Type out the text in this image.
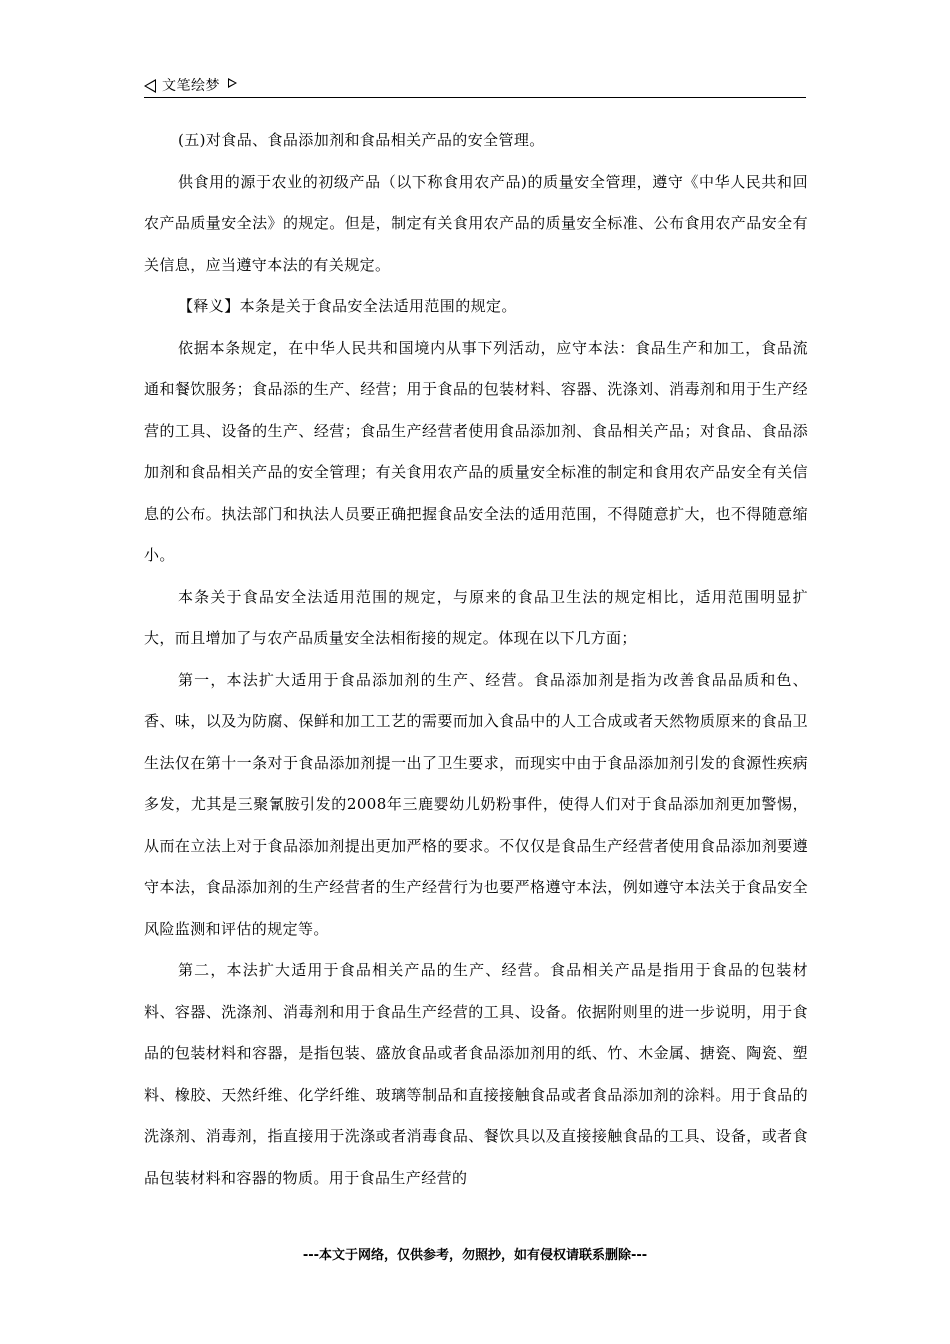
文笔绘梦

(五)对食品、食品添加剂和食品相关产品的安全管理。

供食用的源于农业的初级产品（以下称食用农产品)的质量安全管理，遵守《中华人民共和回农产品质量安全法》的规定。但是，制定有关食用农产品的质量安全标准、公布食用农产品安全有关信息，应当遵守本法的有关规定。

【释义】本条是关于食品安全法适用范围的规定。

依据本条规定，在中华人民共和国境内从事下列活动，应守本法：食品生产和加工，食品流通和餐饮服务；食品添的生产、经营；用于食品的包装材料、容器、洗涤刘、消毒剂和用于生产经营的工具、设备的生产、经营；食品生产经营者使用食品添加剂、食品相关产品；对食品、食品添加剂和食品相关产品的安全管理；有关食用农产品的质量安全标准的制定和食用农产品安全有关信息的公布。执法部门和执法人员要正确把握食品安全法的适用范围，不得随意扩大，也不得随意缩小。

本条关于食品安全法适用范围的规定，与原来的食品卫生法的规定相比，适用范围明显扩大，而且增加了与农产品质量安全法相衔接的规定。体现在以下几方面；

第一，本法扩大适用于食品添加剂的生产、经营。食品添加剂是指为改善食品品质和色、香、味，以及为防腐、保鲜和加工工艺的需要而加入食品中的人工合成或者天然物质原来的食品卫生法仅在第十一条对于食品添加剂提一出了卫生要求，而现实中由于食品添加剂引发的食源性疾病多发，尤其是三聚氰胺引发的2008年三鹿婴幼儿奶粉事件，使得人们对于食品添加剂更加警惕，从而在立法上对于食品添加剂提出更加严格的要求。不仅仅是食品生产经营者使用食品添加剂要遵守本法，食品添加剂的生产经营者的生产经营行为也要严格遵守本法，例如遵守本法关于食品安全风险监测和评估的规定等。

第二，本法扩大适用于食品相关产品的生产、经营。食品相关产品是指用于食品的包装材料、容器、洗涤剂、消毒剂和用于食品生产经营的工具、设备。依据附则里的进一步说明，用于食品的包装材料和容器，是指包装、盛放食品或者食品添加剂用的纸、竹、木金属、搪瓷、陶瓷、塑料、橡胶、天然纤维、化学纤维、玻璃等制品和直接接触食品或者食品添加剂的涂料。用于食品的洗涤剂、消毒剂，指直接用于洗涤或者消毒食品、餐饮具以及直接接触食品的工具、设备，或者食品包装材料和容器的物质。用于食品生产经营的

---本文于网络，仅供参考，勿照抄，如有侵权请联系删除---
